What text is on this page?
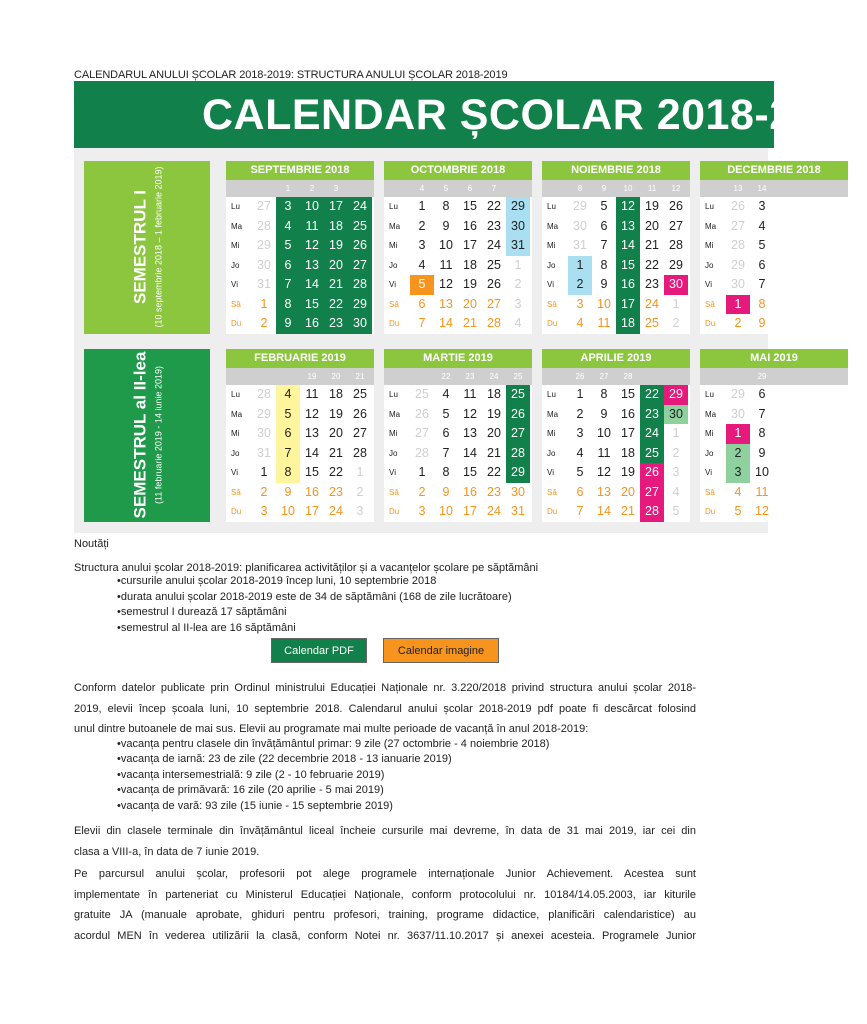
CALENDARUL ANULUI ȘCOLAR 2018-2019: STRUCTURA ANULUI ȘCOLAR 2018-2019
CALENDAR ȘCOLAR 2018-2019
SEMESTRUL I (10 septembrie 2018 – 1 februarie 2019)
SEMESTRUL al II-lea (11 februarie 2019 - 14 iunie 2019)
SEPTEMBRIE 2018
1	2	3
Lu	27	3	10 17 24
Ma	28	4	11 18 25
Mi	29	5	12 19 26
Jo	30	6	13 20 27
Vi	31	7	14 21 28
Sâ	1	8	15 22 29
Du	2	9	16 23 30
OCTOMBRIE 2018
4	5	6	7
Lu	1	8	15 22 29
Ma	2	9	16 23 30
Mi	3	10 17 24 31
Jo	4	11 18 25	1
Vi	5	12 19 26	2
Sâ	6	13 20 27	3
Du	7	14 21 28	4
NOIEMBRIE 2018
8	9	10	11	12
Lu	29	5	12 19 26
Ma	30	6	13 20 27
Mi	31	7	14 21 28
Jo	1	8	15 22 29
Vi	2	9	16 23 30
Sâ	3	10 17 24	1
Du	4	11 18 25	2
DECEMBRIE 2018
13	14
Lu	26	3
Ma	27	4
Mi	28	5
Jo	29	6
Vi	30	7
Sâ	1	8
Du	2	9
FEBRUARIE 2019
19	20	21
Lu	28	4	11 18 25
Ma	29	5	12 19 26
Mi	30	6	13 20 27
Jo	31	7	14 21 28
Vi	1	8	15 22	1
Sâ	2	9	16 23	2
Du	3	10 17 24	3
MARTIE 2019
22	23	24	25
Lu	25	4	11 18 25
Ma	26	5	12 19 26
Mi	27	6	13 20 27
Jo	28	7	14 21 28
Vi	1	8	15 22 29
Sâ	2	9	16 23 30
Du	3	10 17 24 31
APRILIE 2019
26	27	28
Lu	1	8	15 22 29
Ma	2	9	16 23 30
Mi	3	10 17 24	1
Jo	4	11 18 25	2
Vi	5	12 19 26	3
Sâ	6	13 20 27	4
Du	7	14 21 28	5
MAI 2019
29
Lu	29	6
Ma	30	7
Mi	1	8
Jo	2	9
Vi	3	10
Sâ	4	11
Du	5	12
Noutăți
Structura anului școlar 2018-2019: planificarea activităților și a vacanțelor școlare pe săptămâni
•cursurile anului școlar 2018-2019 încep luni, 10 septembrie 2018
•durata anului școlar 2018-2019 este de 34 de săptămâni (168 de zile lucrătoare)
•semestrul I durează 17 săptămâni
•semestrul al II-lea are 16 săptămâni
Calendar PDF	Calendar imagine
Conform datelor publicate prin Ordinul ministrului Educației Naționale nr. 3.220/2018 privind structura anului școlar 2018-
2019, elevii încep școala luni, 10 septembrie 2018. Calendarul anului școlar 2018-2019 pdf poate fi descărcat folosind
unul dintre butoanele de mai sus. Elevii au programate mai multe perioade de vacanță în anul 2018-2019:
•vacanța pentru clasele din învățământul primar: 9 zile (27 octombrie - 4 noiembrie 2018)
•vacanța de iarnă: 23 de zile (22 decembrie 2018 - 13 ianuarie 2019)
•vacanța intersemestrială: 9 zile (2 - 10 februarie 2019)
•vacanța de primăvară: 16 zile (20 aprilie - 5 mai 2019)
•vacanța de vară: 93 zile (15 iunie - 15 septembrie 2019)
Elevii din clasele terminale din învățământul liceal încheie cursurile mai devreme, în data de 31 mai 2019, iar cei din
clasa a VIII-a, în data de 7 iunie 2019.
Pe parcursul anului școlar, profesorii pot alege programele internaționale Junior Achievement. Acestea sunt
implementate în parteneriat cu Ministerul Educației Naționale, conform protocolului nr. 10184/14.05.2003, iar kiturile
gratuite JA (manuale aprobate, ghiduri pentru profesori, training, programe didactice, planificări calendaristice) au
acordul MEN în vederea utilizării la clasă, conform Notei nr. 3637/11.10.2017 și anexei acesteia. Programele Junior
